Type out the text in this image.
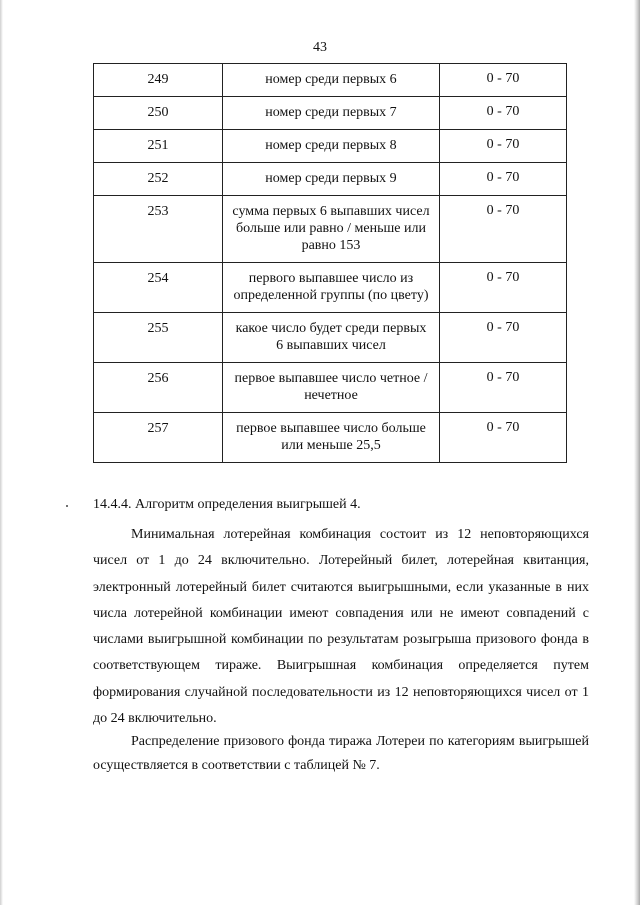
43
249	номер среди первых 6	0 - 70
250	номер среди первых 7	0 - 70
251	номер среди первых 8	0 - 70
252	номер среди первых 9	0 - 70
253	сумма первых 6 выпавших чисел больше или равно / меньше или равно 153	0 - 70
254	первого выпавшее число из определенной группы (по цвету)	0 - 70
255	какое число будет среди первых 6 выпавших чисел	0 - 70
256	первое выпавшее число четное / нечетное	0 - 70
257	первое выпавшее число больше или меньше 25,5	0 - 70
14.4.4. Алгоритм определения выигрышей 4.
Минимальная лотерейная комбинация состоит из 12 неповторяющихся чисел от 1 до 24 включительно. Лотерейный билет, лотерейная квитанция, электронный лотерейный билет считаются выигрышными, если указанные в них числа лотерейной комбинации имеют совпадения или не имеют совпадений с числами выигрышной комбинации по результатам розыгрыша призового фонда в соответствующем тираже. Выигрышная комбинация определяется путем формирования случайной последовательности из 12 неповторяющихся чисел от 1 до 24 включительно.
Распределение призового фонда тиража Лотереи по категориям выигрышей осуществляется в соответствии с таблицей № 7.
